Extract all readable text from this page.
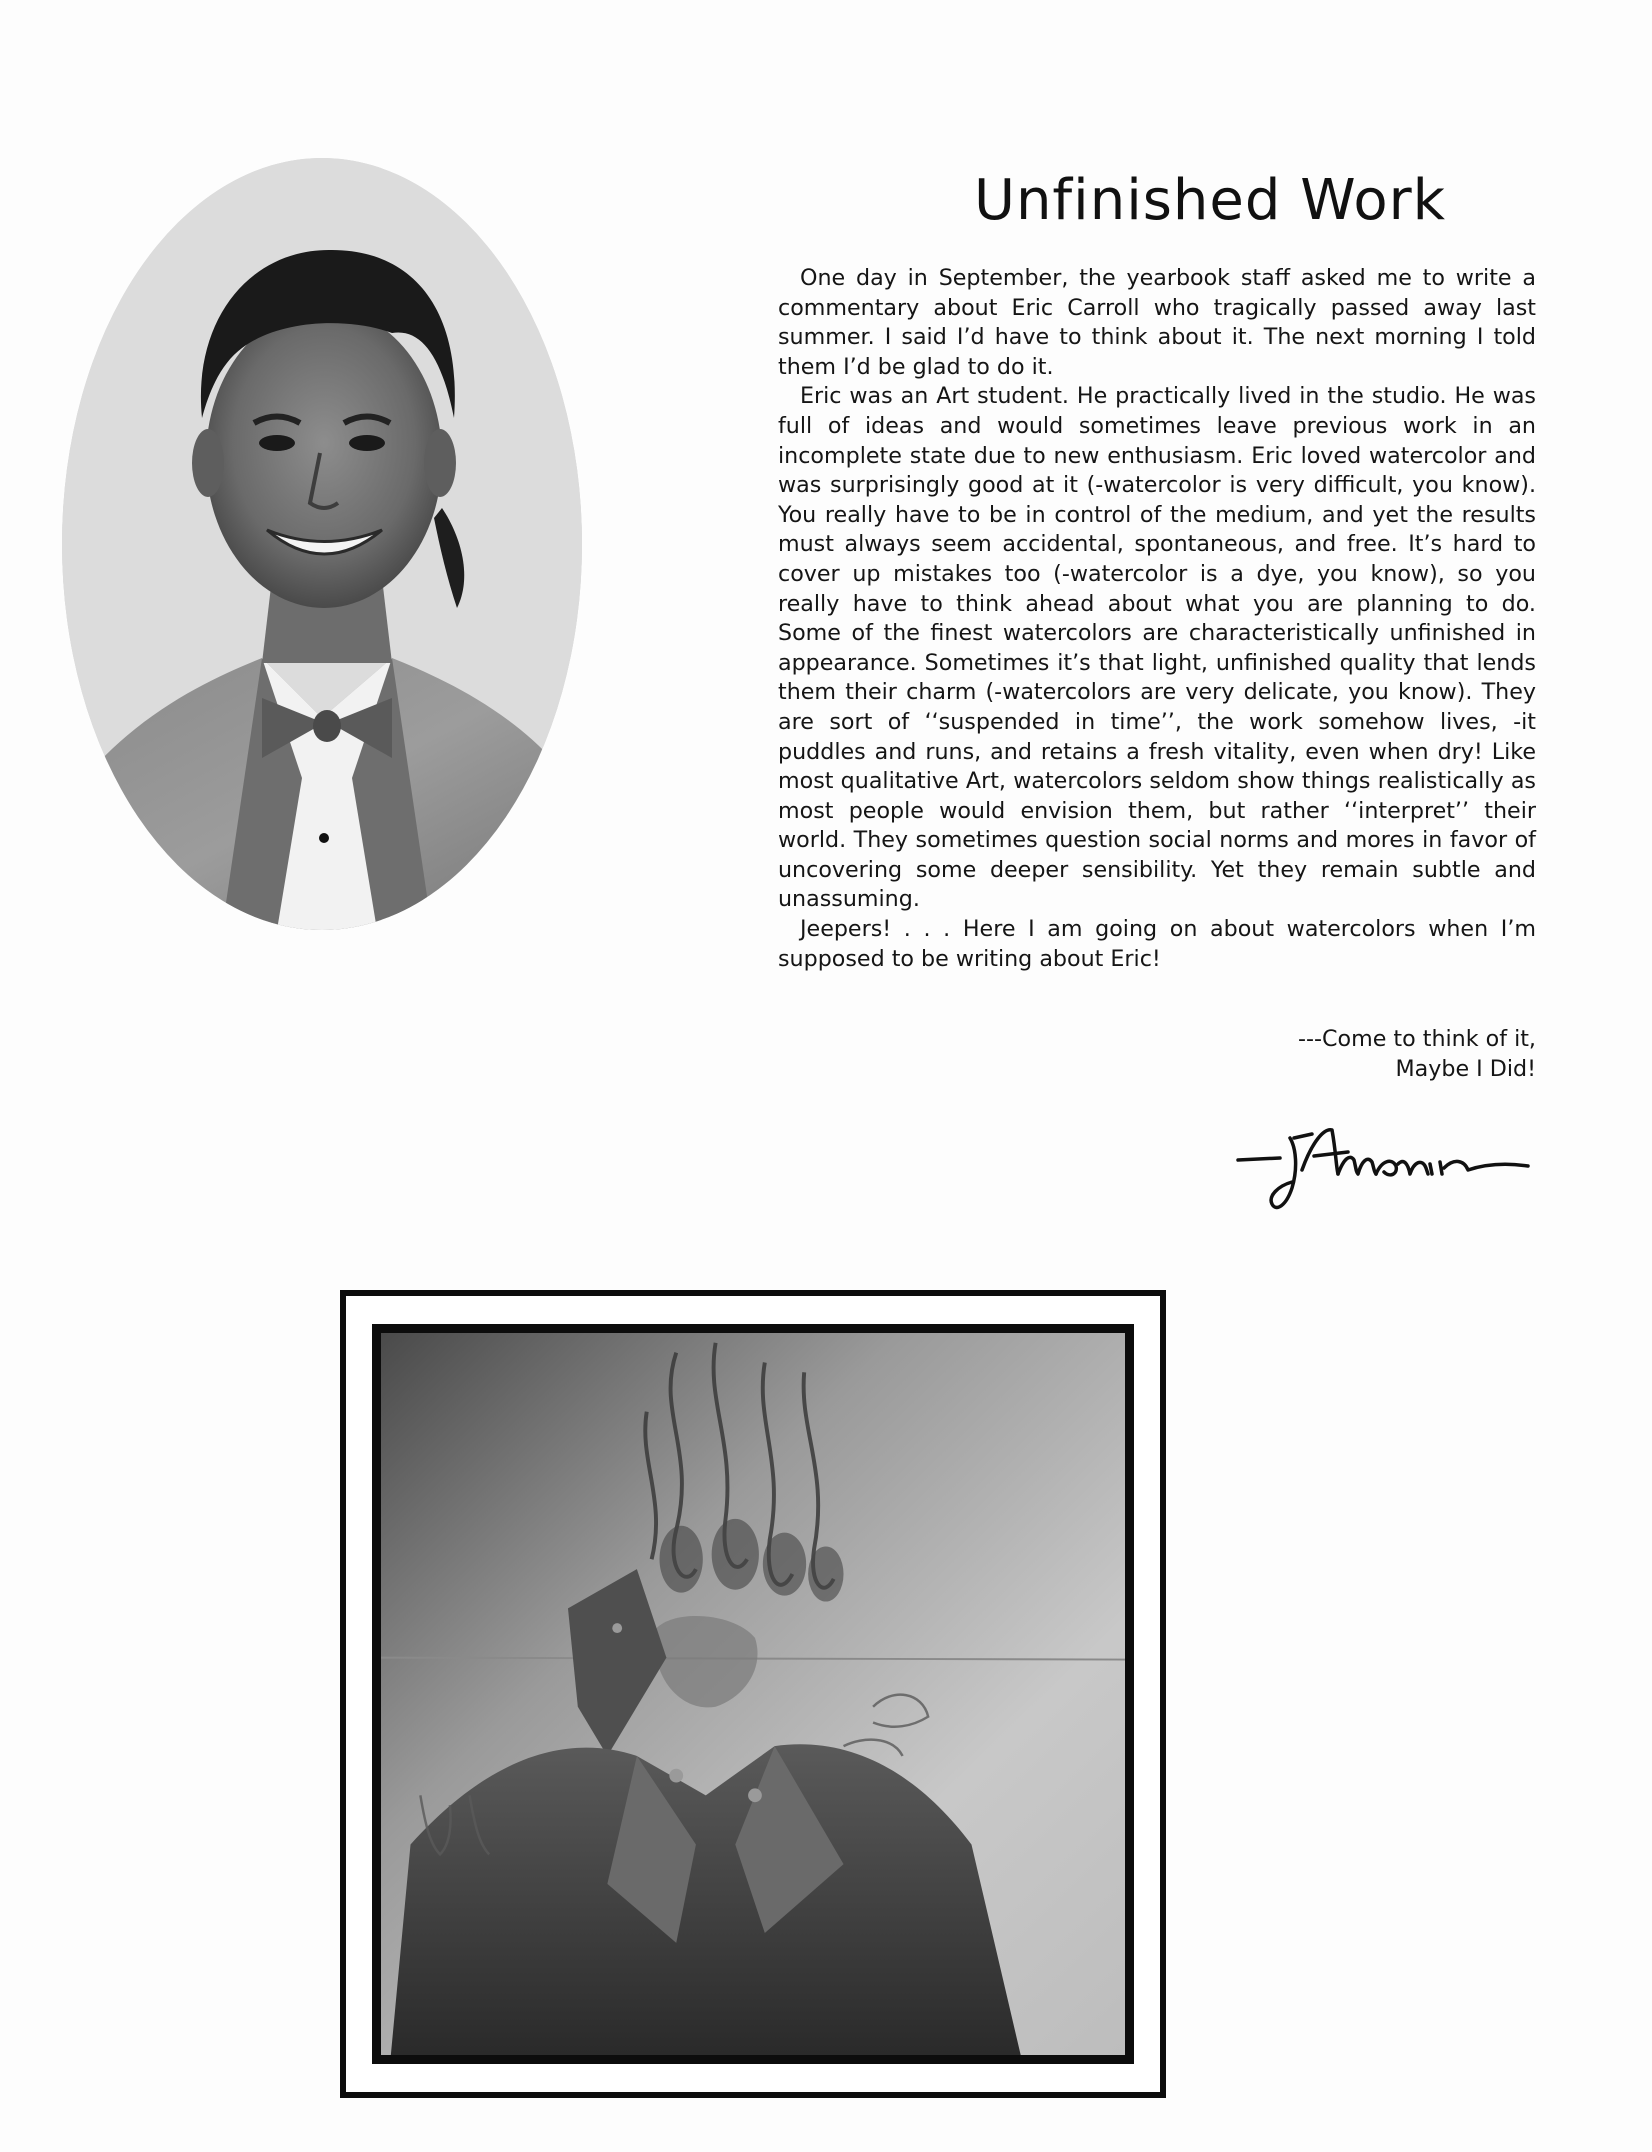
Unfinished Work

One day in September, the yearbook staff asked me to write a commentary about Eric Carroll who tragically passed away last summer. I said I’d have to think about it. The next morning I told them I’d be glad to do it.

Eric was an Art student. He practically lived in the studio. He was full of ideas and would sometimes leave previous work in an incomplete state due to new enthusiasm. Eric loved watercolor and was surprisingly good at it (-watercolor is very difficult, you know). You really have to be in control of the medium, and yet the results must always seem accidental, spontaneous, and free. It’s hard to cover up mistakes too (-watercolor is a dye, you know), so you really have to think ahead about what you are planning to do. Some of the finest watercolors are characteristically unfinished in appearance. Sometimes it’s that light, unfinished quality that lends them their charm (-watercolors are very delicate, you know). They are sort of ‘‘suspended in time’’, the work somehow lives, -it puddles and runs, and retains a fresh vitality, even when dry! Like most qualitative Art, watercolors seldom show things realistically as most people would envision them, but rather ‘‘interpret’’ their world. They sometimes question social norms and mores in favor of uncovering some deeper sensibility. Yet they remain subtle and unassuming.

Jeepers! . . . Here I am going on about watercolors when I’m supposed to be writing about Eric!

---Come to think of it,
Maybe I Did!
